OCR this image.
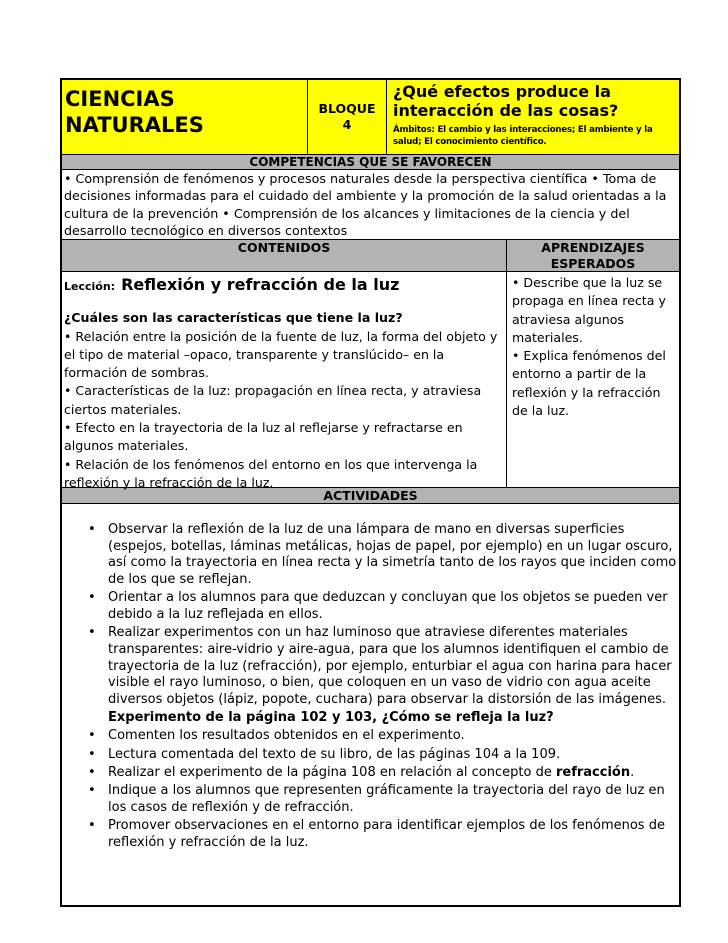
CIENCIAS
NATURALES
BLOQUE
4

¿Qué efectos produce la interacción de las cosas?

Ámbitos: El cambio y las interacciones; El ambiente y la salud; El conocimiento científico.
COMPETENCIAS QUE SE FAVORECEN
• Comprensión de fenómenos y procesos naturales desde la perspectiva científica • Toma de decisiones informadas para el cuidado del ambiente y la promoción de la salud orientadas a la cultura de la prevención • Comprensión de los alcances y limitaciones de la ciencia y del desarrollo tecnológico en diversos contextos
CONTENIDOS	APRENDIZAJES ESPERADOS
Lección: Reflexión y refracción de la luz
¿Cuáles son las características que tiene la luz?
• Relación entre la posición de la fuente de luz, la forma del objeto y el tipo de material –opaco, transparente y translúcido– en la formación de sombras.
• Características de la luz: propagación en línea recta, y atraviesa ciertos materiales.
• Efecto en la trayectoria de la luz al reflejarse y refractarse en algunos materiales.
• Relación de los fenómenos del entorno en los que intervenga la reflexión y la refracción de la luz.
• Describe que la luz se propaga en línea recta y atraviesa algunos materiales.
• Explica fenómenos del entorno a partir de la reflexión y la refracción de la luz.
ACTIVIDADES
• Observar la reflexión de la luz de una lámpara de mano en diversas superficies (espejos, botellas, láminas metálicas, hojas de papel, por ejemplo) en un lugar oscuro, así como la trayectoria en línea recta y la simetría tanto de los rayos que inciden como de los que se reflejan.
• Orientar a los alumnos para que deduzcan y concluyan que los objetos se pueden ver debido a la luz reflejada en ellos.
• Realizar experimentos con un haz luminoso que atraviese diferentes materiales transparentes: aire-vidrio y aire-agua, para que los alumnos identifiquen el cambio de trayectoria de la luz (refracción), por ejemplo, enturbiar el agua con harina para hacer visible el rayo luminoso, o bien, que coloquen en un vaso de vidrio con agua aceite diversos objetos (lápiz, popote, cuchara) para observar la distorsión de las imágenes.
Experimento de la página 102 y 103, ¿Cómo se refleja la luz?
• Comenten los resultados obtenidos en el experimento.
• Lectura comentada del texto de su libro, de las páginas 104 a la 109.
• Realizar el experimento de la página 108 en relación al concepto de refracción.
• Indique a los alumnos que representen gráficamente la trayectoria del rayo de luz en los casos de reflexión y de refracción.
• Promover observaciones en el entorno para identificar ejemplos de los fenómenos de reflexión y refracción de la luz.
